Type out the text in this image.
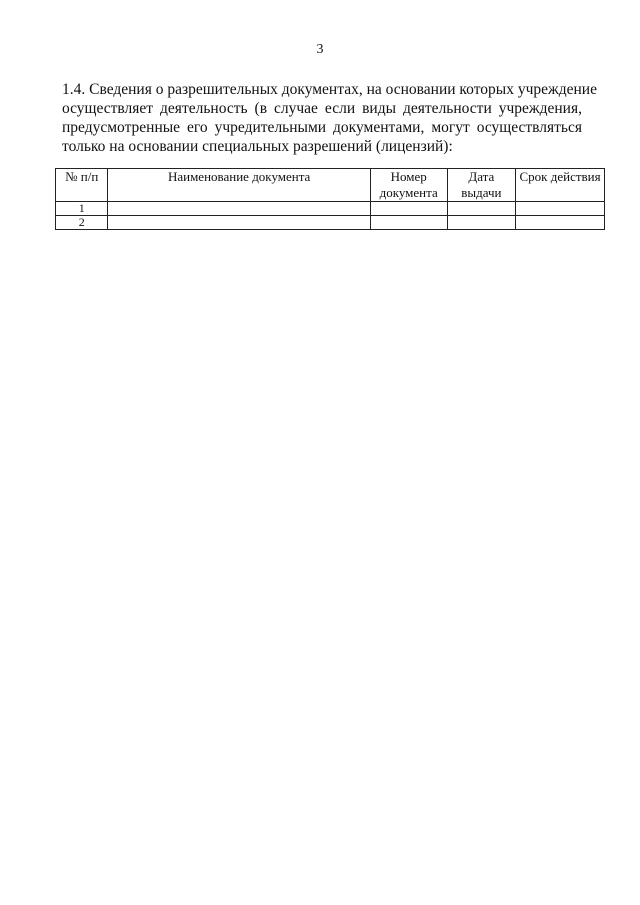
3
1.4. Сведения о разрешительных документах, на основании которых учреждение
осуществляет деятельность (в случае если виды деятельности учреждения,
предусмотренные его учредительными документами, могут осуществляться
только на основании специальных разрешений (лицензий):
№ п/п	Наименование документа	Номер документа	Дата выдачи	Срок действия
1				
2				
